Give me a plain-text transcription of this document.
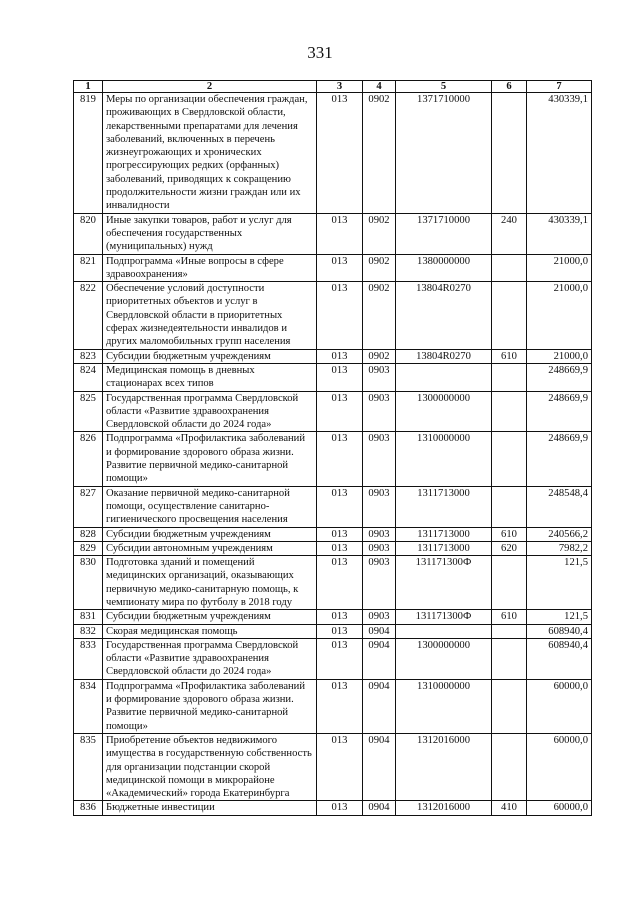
331
1	2	3	4	5	6	7
819	Меры по организации обеспечения граждан, проживающих в Свердловской области, лекарственными препаратами для лечения заболеваний, включенных в перечень жизнеугрожающих и хронических прогрессирующих редких (орфанных) заболеваний, приводящих к сокращению продолжительности жизни граждан или их инвалидности	013	0902	1371710000		430339,1
820	Иные закупки товаров, работ и услуг для обеспечения государственных (муниципальных) нужд	013	0902	1371710000	240	430339,1
821	Подпрограмма «Иные вопросы в сфере здравоохранения»	013	0902	1380000000		21000,0
822	Обеспечение условий доступности приоритетных объектов и услуг в Свердловской области в приоритетных сферах жизнедеятельности инвалидов и других маломобильных групп населения	013	0902	13804R0270		21000,0
823	Субсидии бюджетным учреждениям	013	0902	13804R0270	610	21000,0
824	Медицинская помощь в дневных стационарах всех типов	013	0903			248669,9
825	Государственная программа Свердловской области «Развитие здравоохранения Свердловской области до 2024 года»	013	0903	1300000000		248669,9
826	Подпрограмма «Профилактика заболеваний и формирование здорового образа жизни. Развитие первичной медико-санитарной помощи»	013	0903	1310000000		248669,9
827	Оказание первичной медико-санитарной помощи, осуществление санитарно-гигиенического просвещения населения	013	0903	1311713000		248548,4
828	Субсидии бюджетным учреждениям	013	0903	1311713000	610	240566,2
829	Субсидии автономным учреждениям	013	0903	1311713000	620	7982,2
830	Подготовка зданий и помещений медицинских организаций, оказывающих первичную медико-санитарную помощь, к чемпионату мира по футболу в 2018 году	013	0903	131171300Ф		121,5
831	Субсидии бюджетным учреждениям	013	0903	131171300Ф	610	121,5
832	Скорая медицинская помощь	013	0904			608940,4
833	Государственная программа Свердловской области «Развитие здравоохранения Свердловской области до 2024 года»	013	0904	1300000000		608940,4
834	Подпрограмма «Профилактика заболеваний и формирование здорового образа жизни. Развитие первичной медико-санитарной помощи»	013	0904	1310000000		60000,0
835	Приобретение объектов недвижимого имущества в государственную собственность для организации подстанции скорой медицинской помощи в микрорайоне «Академический» города Екатеринбурга	013	0904	1312016000		60000,0
836	Бюджетные инвестиции	013	0904	1312016000	410	60000,0
